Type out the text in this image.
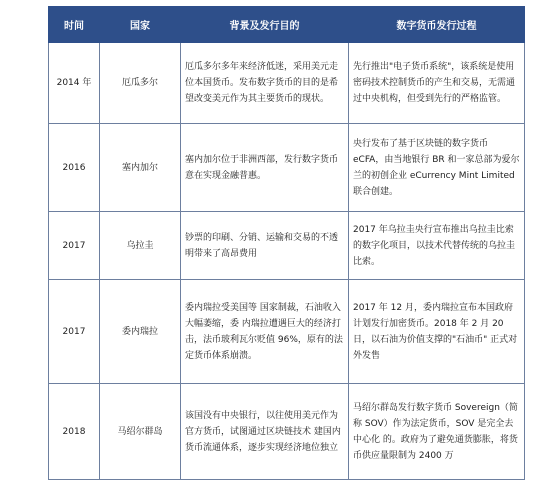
时间	国家	背景及发行目的	数字货币发行过程
2014 年	厄瓜多尔	厄瓜多尔多年来经济低迷，采用美元走位本国货币。发布数字货币的目的是希望改变美元作为其主要货币的现状。	先行推出"电子货币系统"，该系统是使用密码技术控制货币的产生和交易，无需通过中央机构，但受到先行的严格监管。
2016	塞内加尔	塞内加尔位于非洲西部，发行数字货币意在实现金融普惠。	央行发布了基于区块链的数字货币 eCFA，由当地银行 BR 和一家总部为爱尔兰的初创企业 eCurrency Mint Limited 联合创建。
2017	乌拉圭	钞票的印刷、分销、运输和交易的不透明带来了高昂费用	2017 年乌拉圭央行宣布推出乌拉圭比索的数字化项目，以技术代替传统的乌拉圭比索。
2017	委内瑞拉	委内瑞拉受美国等 国家制裁，石油收入大幅萎缩，委 内瑞拉遭遇巨大的经济打击，法币玻利瓦尔贬值 96%，原有的法定货币体系崩溃。	2017 年 12 月，委内瑞拉宣布本国政府计划发行加密货币。2018 年 2 月 20 日，以石油为价值支撑的"石油币" 正式对外发售
2018	马绍尔群岛	该国没有中央银行，以往使用美元作为 官方货币，试图通过区块链技术 建国内货币流通体系，逐步实现经济地位独立	马绍尔群岛发行数字货币 Sovereign（简称 SOV）作为法定货币，SOV 是完全去中心化 的。政府为了避免通货膨胀，将货币供应量限制为 2400 万
